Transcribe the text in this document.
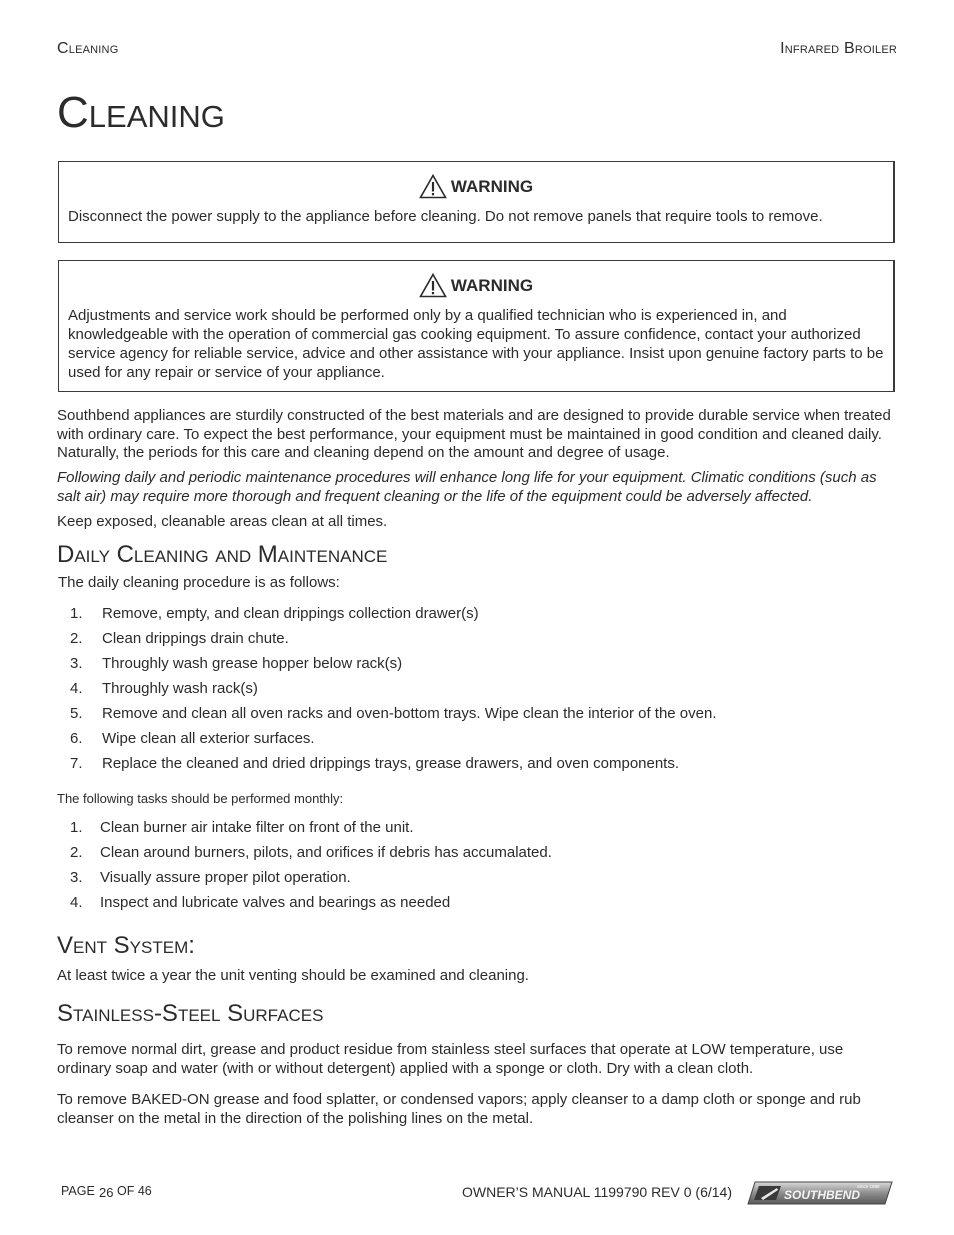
Cleaning	Infrared Broiler
Cleaning
WARNING
Disconnect the power supply to the appliance before cleaning. Do not remove panels that require tools to remove.
WARNING
Adjustments and service work should be performed only by a qualified technician who is experienced in, and knowledgeable with the operation of commercial gas cooking equipment. To assure confidence, contact your authorized service agency for reliable service, advice and other assistance with your appliance. Insist upon genuine factory parts to be used for any repair or service of your appliance.

Southbend appliances are sturdily constructed of the best materials and are designed to provide durable service when treated with ordinary care. To expect the best performance, your equipment must be maintained in good condition and cleaned daily. Naturally, the periods for this care and cleaning depend on the amount and degree of usage.

Following daily and periodic maintenance procedures will enhance long life for your equipment. Climatic conditions (such as salt air) may require more thorough and frequent cleaning or the life of the equipment could be adversely affected.

Keep exposed, cleanable areas clean at all times.

Daily Cleaning and Maintenance

The daily cleaning procedure is as follows:

1.	Remove, empty, and clean drippings collection drawer(s)
2.	Clean drippings drain chute.
3.	Throughly wash grease hopper below rack(s)
4.	Throughly wash rack(s)
5.	Remove and clean all oven racks and oven-bottom trays. Wipe clean the interior of the oven.
6.	Wipe clean all exterior surfaces.
7.	Replace the cleaned and dried drippings trays, grease drawers, and oven components.

The following tasks should be performed monthly:

1.	Clean burner air intake filter on front of the unit.
2.	Clean around burners, pilots, and orifices if debris has accumalated.
3.	Visually assure proper pilot operation.
4.	Inspect and lubricate valves and bearings as needed
Vent System:

At least twice a year the unit venting should be examined and cleaning.

Stainless-Steel Surfaces

To remove normal dirt, grease and product residue from stainless steel surfaces that operate at LOW temperature, use ordinary soap and water (with or without detergent) applied with a sponge or cloth. Dry with a clean cloth.

To remove BAKED-ON grease and food splatter, or condensed vapors; apply cleanser to a damp cloth or sponge and rub cleanser on the metal in the direction of the polishing lines on the metal.

PAGE 26 OF 46	OWNER’S MANUAL 1199790 REV 0 (6/14)	SOUTHBEND
Since 1898
